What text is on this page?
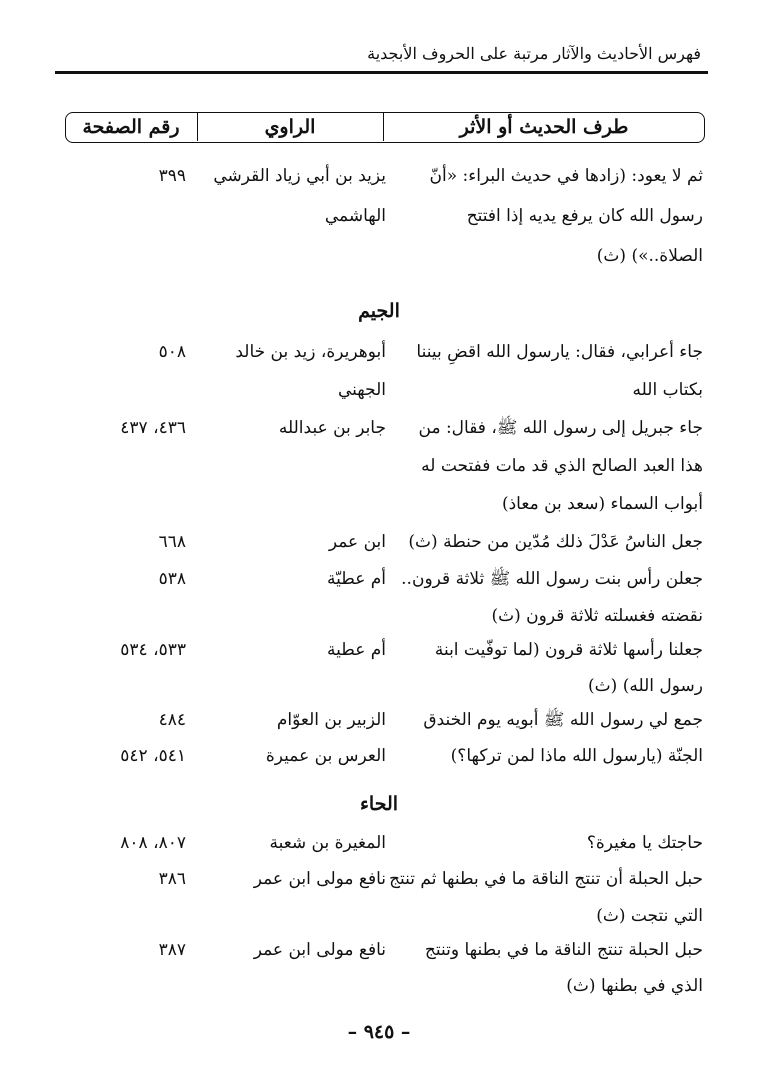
فهرس الأحاديث والآثار مرتبة على الحروف الأبجدية
طرف الحديث أو الأثر
الراوي
رقم الصفحة
ثم لا يعود: (زادها في حديث البراء: «أنّ
رسول الله كان يرفع يديه إذا افتتح
الصلاة..») (ث)
يزيد بن أبي زياد القرشي
الهاشمي
٣٩٩
الجيم
جاء أعرابي، فقال: يارسول الله اقضِ بيننا
بكتاب الله
أبوهريرة، زيد بن خالد
الجهني
٥٠٨
جاء جبريل إلى رسول الله ﷺ، فقال: من
هذا العبد الصالح الذي قد مات ففتحت له
أبواب السماء (سعد بن معاذ)
جابر بن عبدالله
٤٣٦، ٤٣٧
جعل الناسُ عَدْلَ ذلك مُدّين من حنطة (ث)
ابن عمر
٦٦٨
جعلن رأس بنت رسول الله ﷺ ثلاثة قرون..
نقضته فغسلته ثلاثة قرون (ث)
أم عطيّة
٥٣٨
جعلنا رأسها ثلاثة قرون (لما توفّيت ابنة
رسول الله) (ث)
أم عطية
٥٣٣، ٥٣٤
جمع لي رسول الله ﷺ أبويه يوم الخندق
الزبير بن العوّام
٤٨٤
الجنّة (يارسول الله ماذا لمن تركها؟)
العرس بن عميرة
٥٤١، ٥٤٢
الحاء
حاجتك يا مغيرة؟
المغيرة بن شعبة
٨٠٧، ٨٠٨
حبل الحبلة أن تنتج الناقة ما في بطنها ثم تنتج
التي نتجت (ث)
نافع مولى ابن عمر
٣٨٦
حبل الحبلة تنتج الناقة ما في بطنها وتنتج
الذي في بطنها (ث)
نافع مولى ابن عمر
٣٨٧
– ٩٤٥ –
